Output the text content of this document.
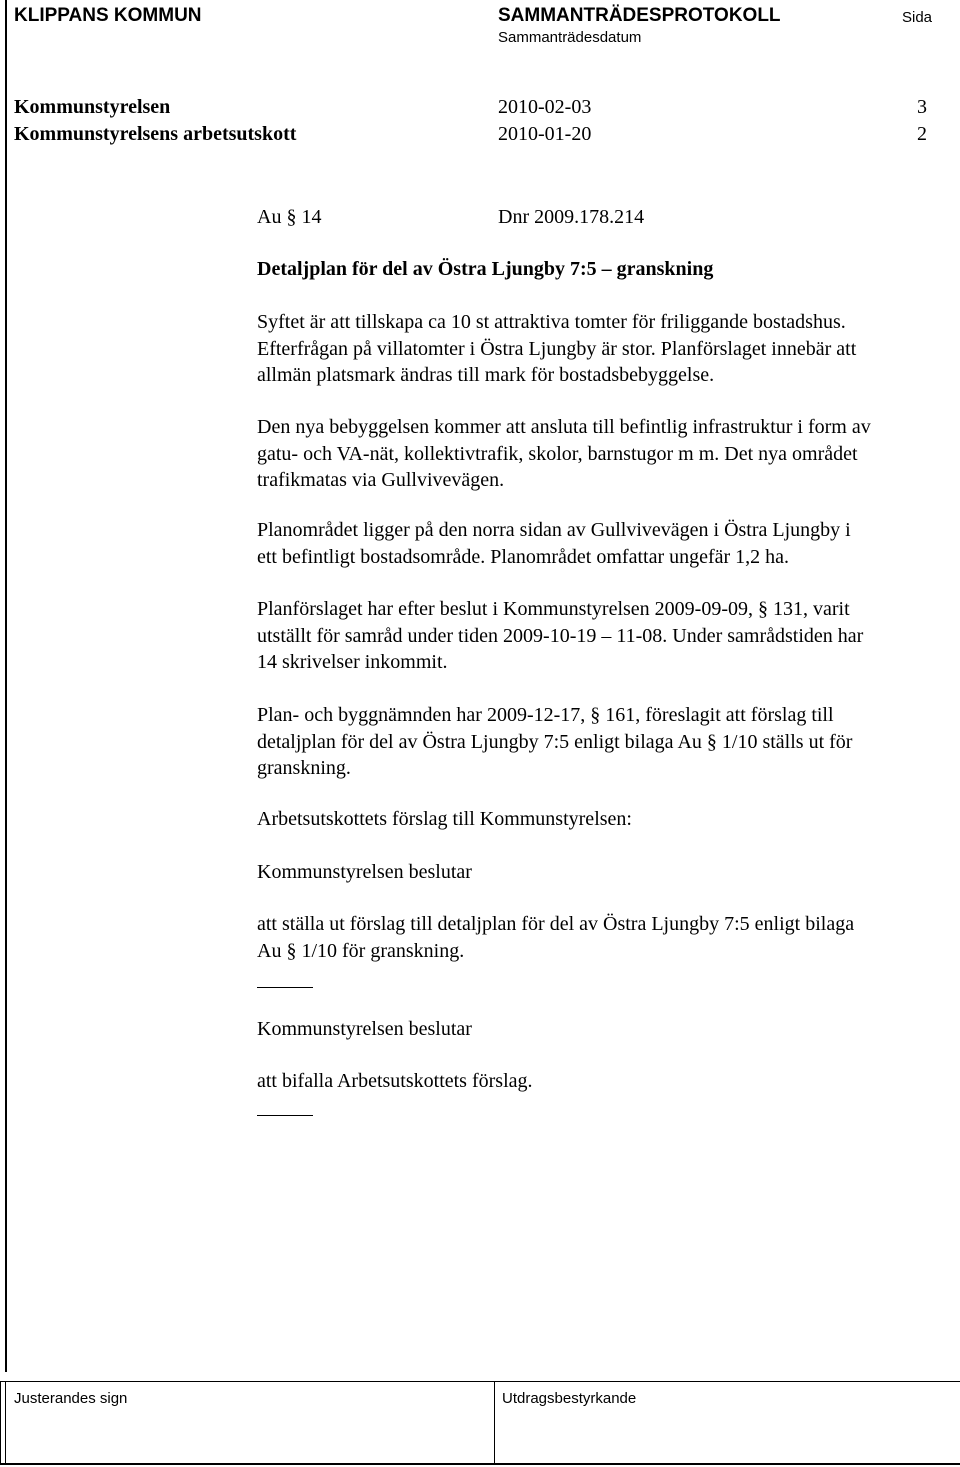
KLIPPANS KOMMUN	SAMMANTRÄDESPROTOKOLL
Sammanträdesdatum
Sida
Kommunstyrelsen	2010-02-03	3
Kommunstyrelsens arbetsutskott	2010-01-20	2
Au § 14	Dnr 2009.178.214
Detaljplan för del av Östra Ljungby 7:5 – granskning
Syftet är att tillskapa ca 10 st attraktiva tomter för friliggande bostadshus.
Efterfrågan på villatomter i Östra Ljungby är stor. Planförslaget innebär att
allmän platsmark ändras till mark för bostadsbebyggelse.
Den nya bebyggelsen kommer att ansluta till befintlig infrastruktur i form av
gatu- och VA-nät, kollektivtrafik, skolor, barnstugor m m. Det nya området
trafikmatas via Gullvivevägen.
Planområdet ligger på den norra sidan av Gullvivevägen i Östra Ljungby i
ett befintligt bostadsområde. Planområdet omfattar ungefär 1,2 ha.
Planförslaget har efter beslut i Kommunstyrelsen 2009-09-09, § 131, varit
utställt för samråd under tiden 2009-10-19 – 11-08. Under samrådstiden har
14 skrivelser inkommit.
Plan- och byggnämnden har 2009-12-17, § 161, föreslagit att förslag till
detaljplan för del av Östra Ljungby 7:5 enligt bilaga Au § 1/10 ställs ut för
granskning.
Arbetsutskottets förslag till Kommunstyrelsen:
Kommunstyrelsen beslutar
att ställa ut förslag till detaljplan för del av Östra Ljungby 7:5 enligt bilaga
Au § 1/10 för granskning.
Kommunstyrelsen beslutar
att bifalla Arbetsutskottets förslag.
Justerandes sign	Utdragsbestyrkande
